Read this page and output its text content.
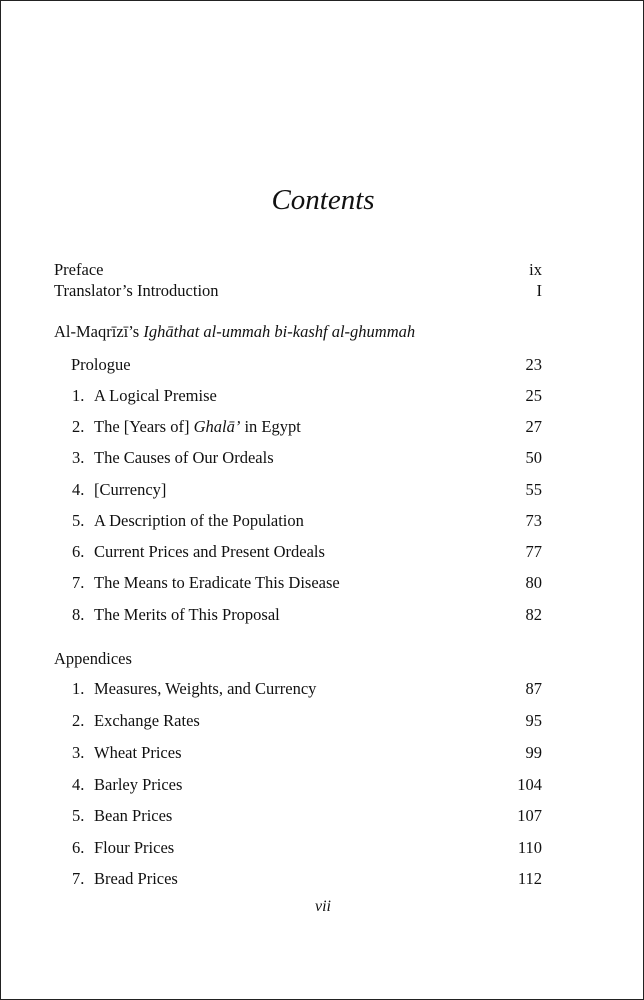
Contents
Preface	ix
Translator’s Introduction	I
Al-Maqrīzī’s Ighāthat al-ummah bi-kashf al-ghummah
Prologue	23
1. A Logical Premise	25
2. The [Years of] Ghalā’ in Egypt	27
3. The Causes of Our Ordeals	50
4. [Currency]	55
5. A Description of the Population	73
6. Current Prices and Present Ordeals	77
7. The Means to Eradicate This Disease	80
8. The Merits of This Proposal	82
Appendices
1. Measures, Weights, and Currency	87
2. Exchange Rates	95
3. Wheat Prices	99
4. Barley Prices	104
5. Bean Prices	107
6. Flour Prices	110
7. Bread Prices	112
vii
